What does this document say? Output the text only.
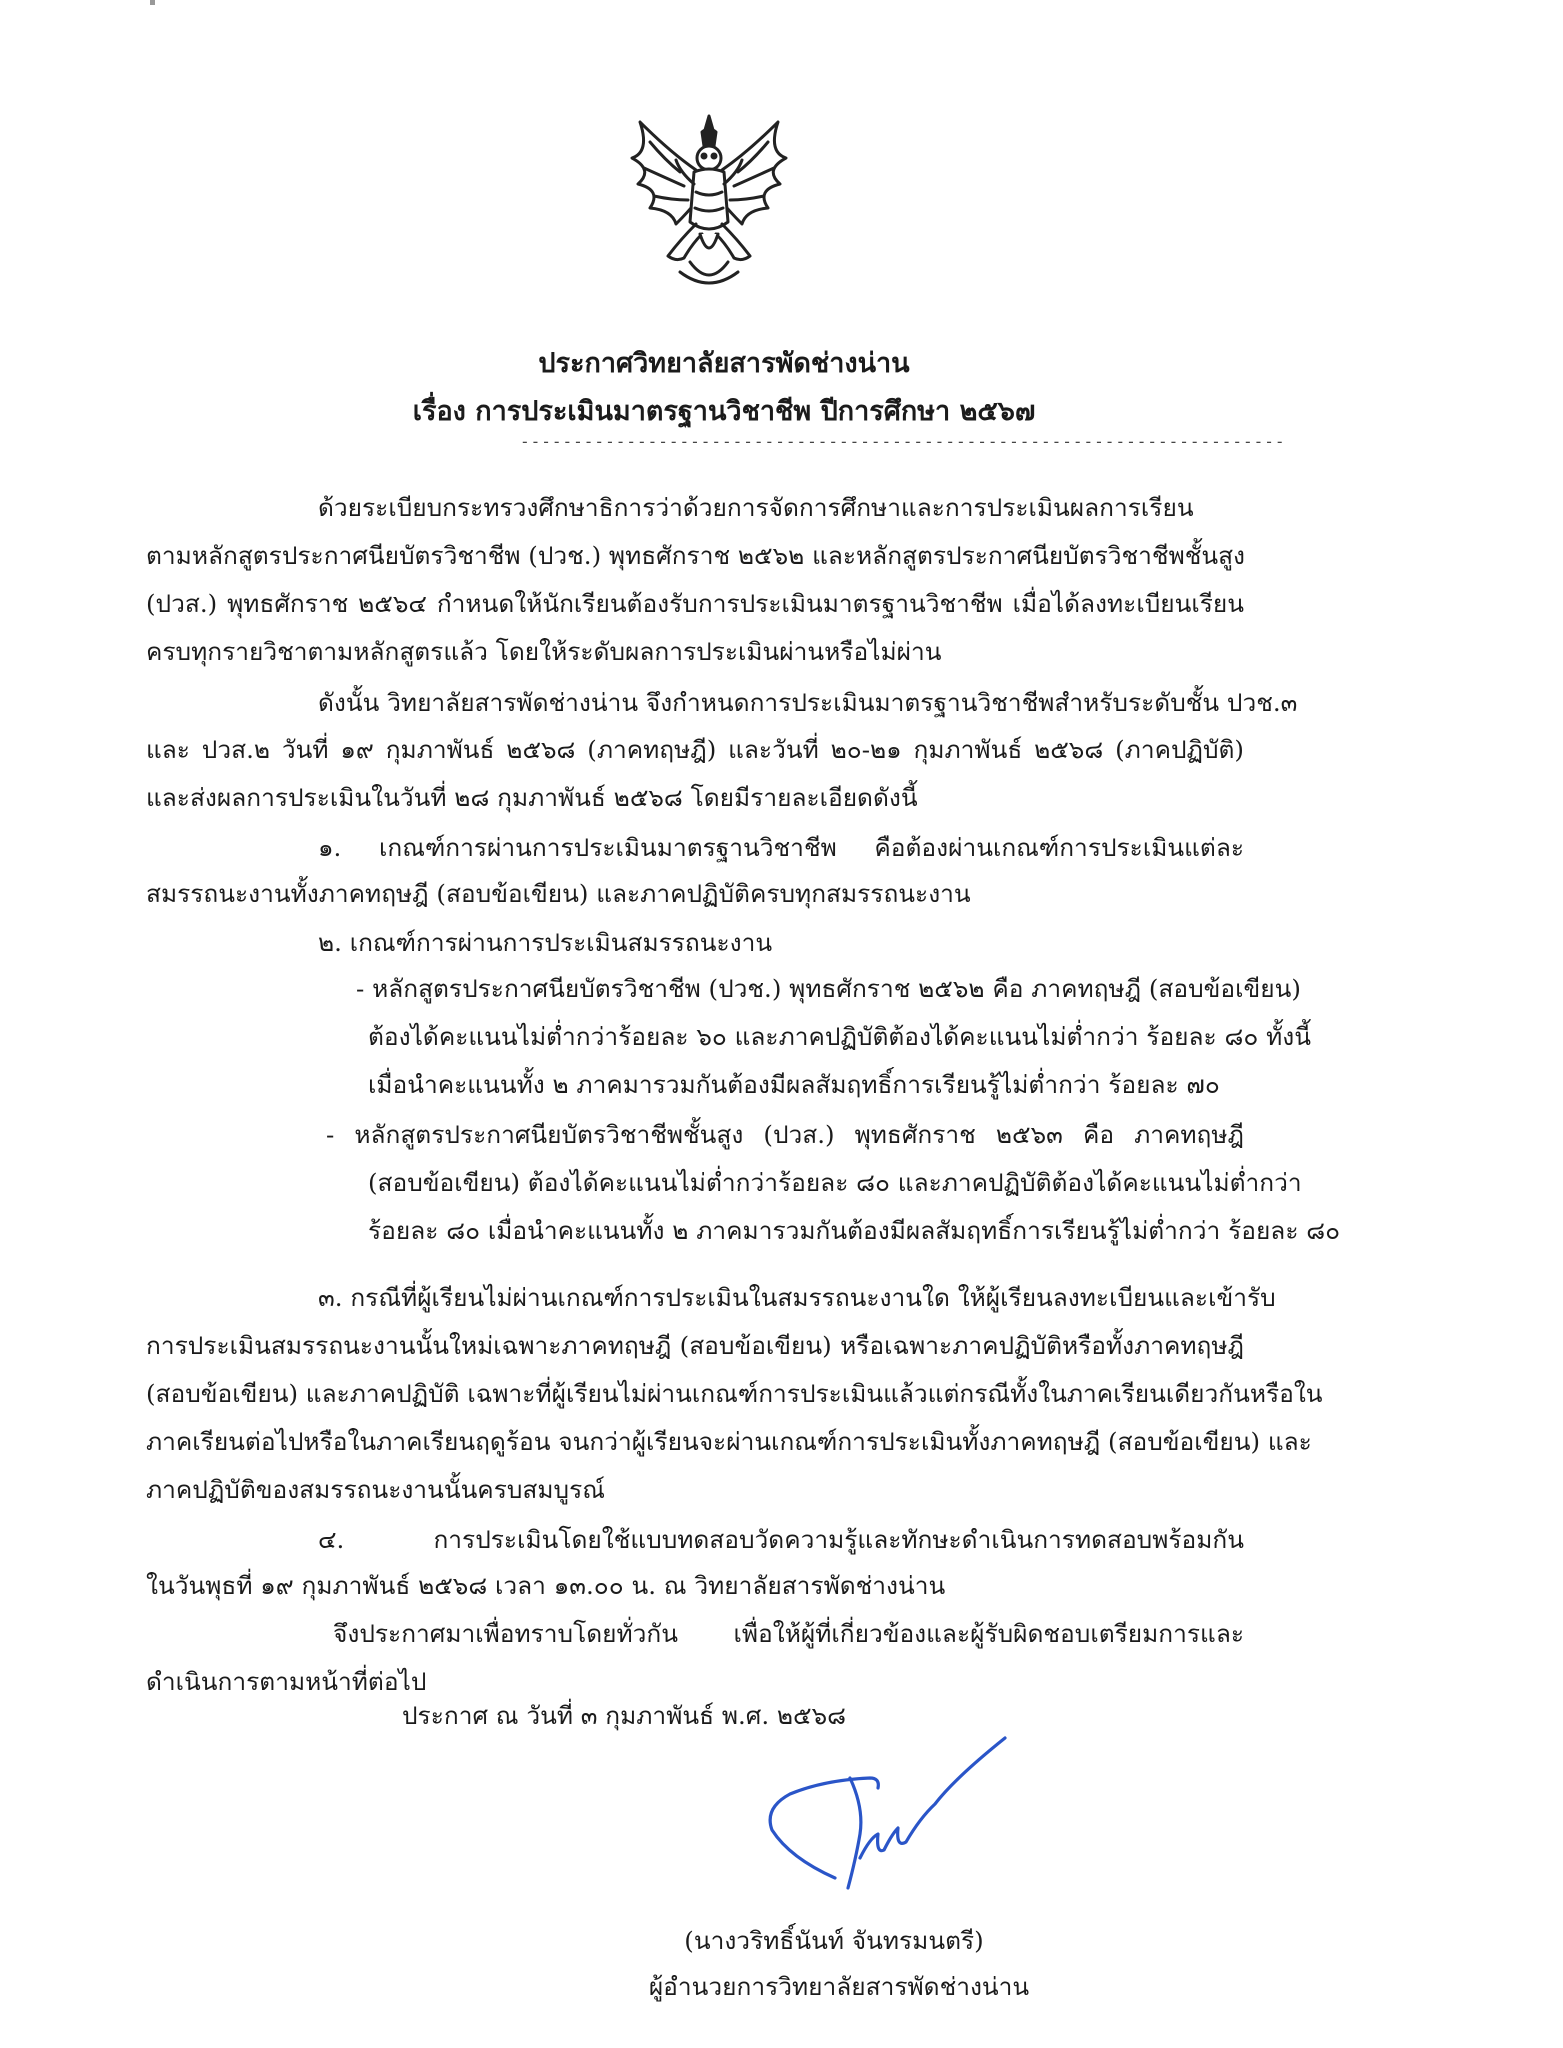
ประกาศวิทยาลัยสารพัดช่างน่าน
เรื่อง การประเมินมาตรฐานวิชาชีพ ปีการศึกษา ๒๕๖๗
------------------------------------------------------------------------
ด้วยระเบียบกระทรวงศึกษาธิการว่าด้วยการจัดการศึกษาและการประเมินผลการเรียน
ตามหลักสูตรประกาศนียบัตรวิชาชีพ (ปวช.) พุทธศักราช ๒๕๖๒ และหลักสูตรประกาศนียบัตรวิชาชีพชั้นสูง
(ปวส.) พุทธศักราช ๒๕๖๔ กำหนดให้นักเรียนต้องรับการประเมินมาตรฐานวิชาชีพ เมื่อได้ลงทะเบียนเรียน
ครบทุกรายวิชาตามหลักสูตรแล้ว โดยให้ระดับผลการประเมินผ่านหรือไม่ผ่าน
ดังนั้น วิทยาลัยสารพัดช่างน่าน จึงกำหนดการประเมินมาตรฐานวิชาชีพสำหรับระดับชั้น ปวช.๓
และ ปวส.๒ วันที่ ๑๙ กุมภาพันธ์ ๒๕๖๘ (ภาคทฤษฎี) และวันที่ ๒๐-๒๑ กุมภาพันธ์ ๒๕๖๘ (ภาคปฏิบัติ)
และส่งผลการประเมินในวันที่ ๒๘ กุมภาพันธ์ ๒๕๖๘ โดยมีรายละเอียดดังนี้
๑. เกณฑ์การผ่านการประเมินมาตรฐานวิชาชีพ คือต้องผ่านเกณฑ์การประเมินแต่ละ
สมรรถนะงานทั้งภาคทฤษฎี (สอบข้อเขียน) และภาคปฏิบัติครบทุกสมรรถนะงาน
๒. เกณฑ์การผ่านการประเมินสมรรถนะงาน
- หลักสูตรประกาศนียบัตรวิชาชีพ (ปวช.) พุทธศักราช ๒๕๖๒ คือ ภาคทฤษฎี (สอบข้อเขียน)
ต้องได้คะแนนไม่ต่ำกว่าร้อยละ ๖๐ และภาคปฏิบัติต้องได้คะแนนไม่ต่ำกว่า ร้อยละ ๘๐ ทั้งนี้
เมื่อนำคะแนนทั้ง ๒ ภาคมารวมกันต้องมีผลสัมฤทธิ์การเรียนรู้ไม่ต่ำกว่า ร้อยละ ๗๐
- หลักสูตรประกาศนียบัตรวิชาชีพชั้นสูง (ปวส.) พุทธศักราช ๒๕๖๓ คือ ภาคทฤษฎี
(สอบข้อเขียน) ต้องได้คะแนนไม่ต่ำกว่าร้อยละ ๘๐ และภาคปฏิบัติต้องได้คะแนนไม่ต่ำกว่า
ร้อยละ ๘๐ เมื่อนำคะแนนทั้ง ๒ ภาคมารวมกันต้องมีผลสัมฤทธิ์การเรียนรู้ไม่ต่ำกว่า ร้อยละ ๘๐
๓. กรณีที่ผู้เรียนไม่ผ่านเกณฑ์การประเมินในสมรรถนะงานใด ให้ผู้เรียนลงทะเบียนและเข้ารับ
การประเมินสมรรถนะงานนั้นใหม่เฉพาะภาคทฤษฎี (สอบข้อเขียน) หรือเฉพาะภาคปฏิบัติหรือทั้งภาคทฤษฎี
(สอบข้อเขียน) และภาคปฏิบัติ เฉพาะที่ผู้เรียนไม่ผ่านเกณฑ์การประเมินแล้วแต่กรณีทั้งในภาคเรียนเดียวกันหรือใน
ภาคเรียนต่อไปหรือในภาคเรียนฤดูร้อน จนกว่าผู้เรียนจะผ่านเกณฑ์การประเมินทั้งภาคทฤษฎี (สอบข้อเขียน) และ
ภาคปฏิบัติของสมรรถนะงานนั้นครบสมบูรณ์
๔. การประเมินโดยใช้แบบทดสอบวัดความรู้และทักษะดำเนินการทดสอบพร้อมกัน
ในวันพุธที่ ๑๙ กุมภาพันธ์ ๒๕๖๘ เวลา ๑๓.๐๐ น. ณ วิทยาลัยสารพัดช่างน่าน
จึงประกาศมาเพื่อทราบโดยทั่วกัน เพื่อให้ผู้ที่เกี่ยวข้องและผู้รับผิดชอบเตรียมการและ
ดำเนินการตามหน้าที่ต่อไป
ประกาศ ณ วันที่ ๓ กุมภาพันธ์ พ.ศ. ๒๕๖๘
(นางวริทธิ์นันท์ จันทรมนตรี)
ผู้อำนวยการวิทยาลัยสารพัดช่างน่าน
